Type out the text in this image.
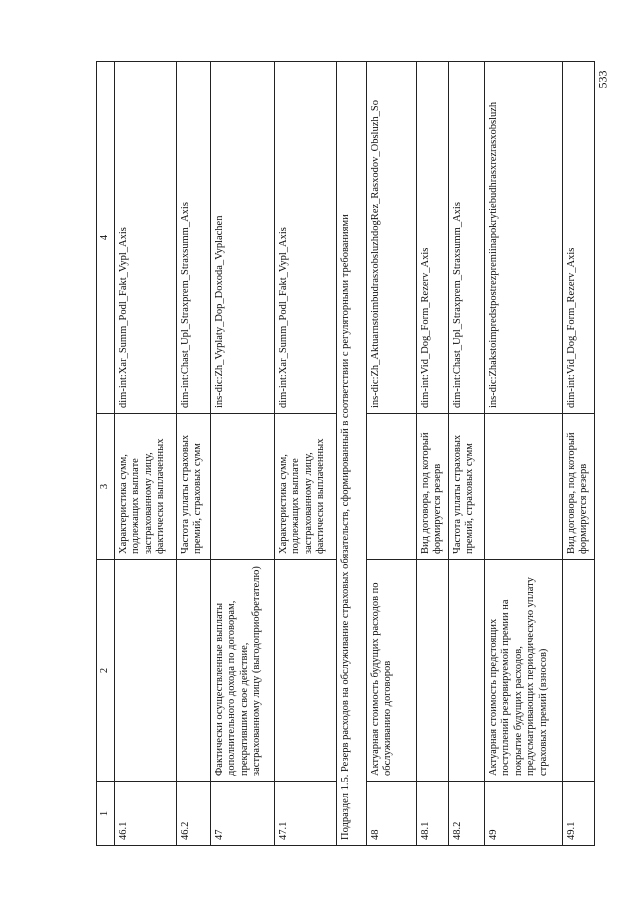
533
1	2	3	4
46.1		Характеристика сумм, подлежащих выплате застрахованному лицу, фактически выплаченных	dim-int:Xar_Summ_Podl_Fakt_Vypl_Axis
46.2		Частота уплаты страховых премий, страховых сумм	dim-int:Chast_Upl_Straxprem_Straxsumm_Axis
47	Фактически осуществленные выплаты дополнительного дохода по договорам, прекратившим свое действие, застрахованному лицу (выгодоприобретателю)		ins-dic:Zh_Vyplaty_Dop_Doxoda_Vyplachen
47.1		Характеристика сумм, подлежащих выплате застрахованному лицу, фактически выплаченных	dim-int:Xar_Summ_Podl_Fakt_Vypl_Axis
Подраздел 1.5. Резерв расходов на обслуживание страховых обязательств, сформированный в соответствии с регуляторными требованиями			
48	Актуарная стоимость будущих расходов по обслуживанию договоров		ins-dic:Zh_AktuarnstoimbudrasxobsluzhdogRez_Rasxodov_Obsluzh_So
48.1		Вид договора, под который формируется резерв	dim-int:Vid_Dog_Form_Rezerv_Axis
48.2		Частота уплаты страховых премий, страховых сумм	dim-int:Chast_Upl_Straxprem_Straxsumm_Axis
49	Актуарная стоимость предстоящих поступлений резервируемой премии на покрытие будущих расходов, предусматривающих периодическую уплату страховых премий (взносов)		ins-dic:Zhakstoimpredstpostrezpremiinapokrytiebudhrasxrezrasxobsluzh
49.1		Вид договора, под который формируется резерв	dim-int:Vid_Dog_Form_Rezerv_Axis
